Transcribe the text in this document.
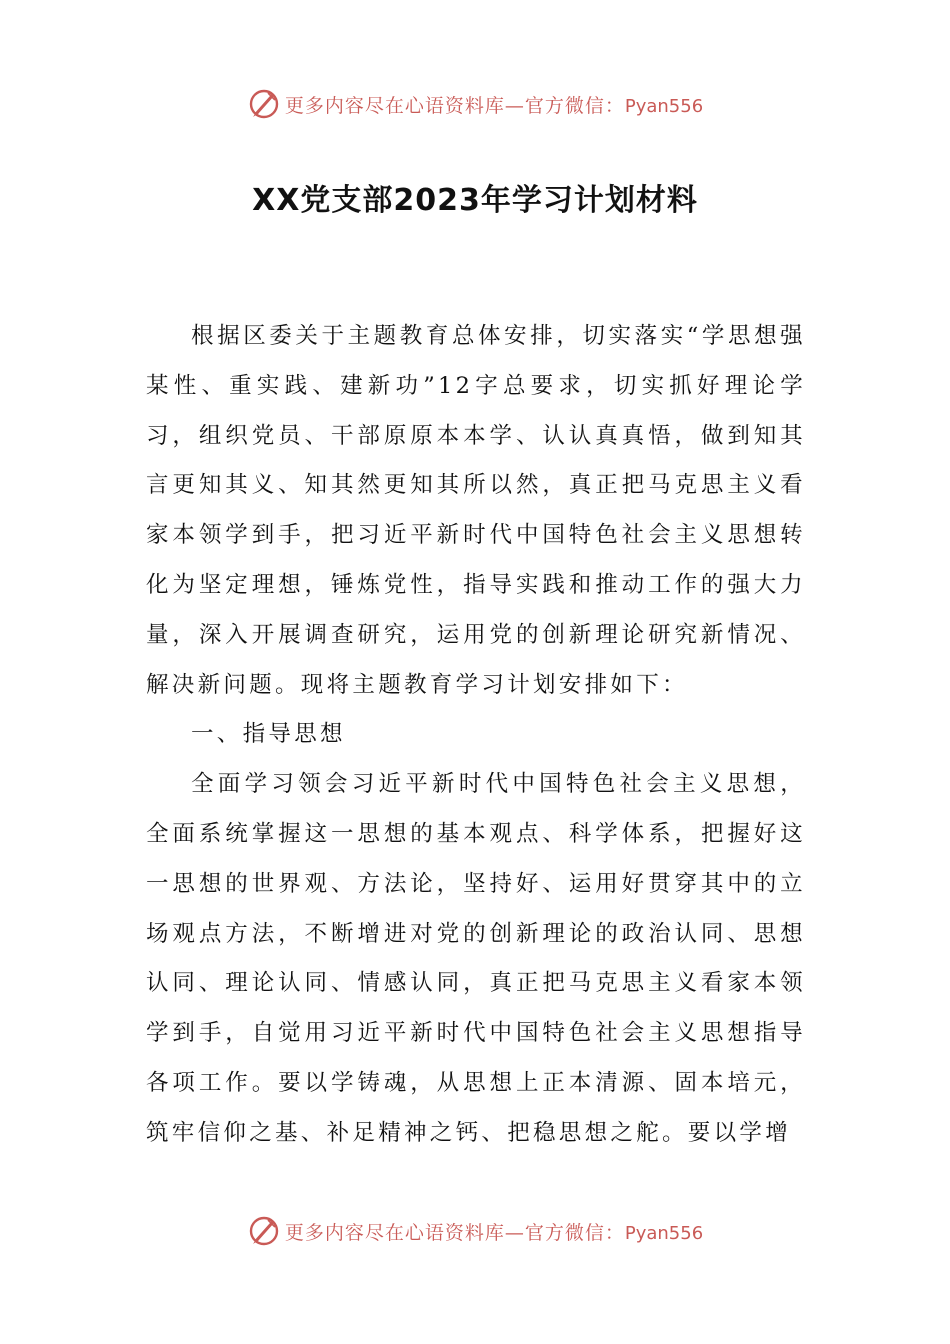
更多内容尽在心语资料库—官方微信：Pyan556
XX党支部2023年学习计划材料

根据区委关于主题教育总体安排，切实落实“学思想强某性、重实践、建新功”12字总要求，切实抓好理论学习，组织党员、干部原原本本学、认认真真悟，做到知其言更知其义、知其然更知其所以然，真正把马克思主义看家本领学到手，把习近平新时代中国特色社会主义思想转化为坚定理想，锤炼党性，指导实践和推动工作的强大力量，深入开展调查研究，运用党的创新理论研究新情况、解决新问题。现将主题教育学习计划安排如下：

一、指导思想

全面学习领会习近平新时代中国特色社会主义思想，全面系统掌握这一思想的基本观点、科学体系，把握好这一思想的世界观、方法论，坚持好、运用好贯穿其中的立场观点方法，不断增进对党的创新理论的政治认同、思想认同、理论认同、情感认同，真正把马克思主义看家本领学到手，自觉用习近平新时代中国特色社会主义思想指导各项工作。要以学铸魂，从思想上正本清源、固本培元，筑牢信仰之基、补足精神之钙、把稳思想之舵。要以学增

更多内容尽在心语资料库—官方微信：Pyan556
